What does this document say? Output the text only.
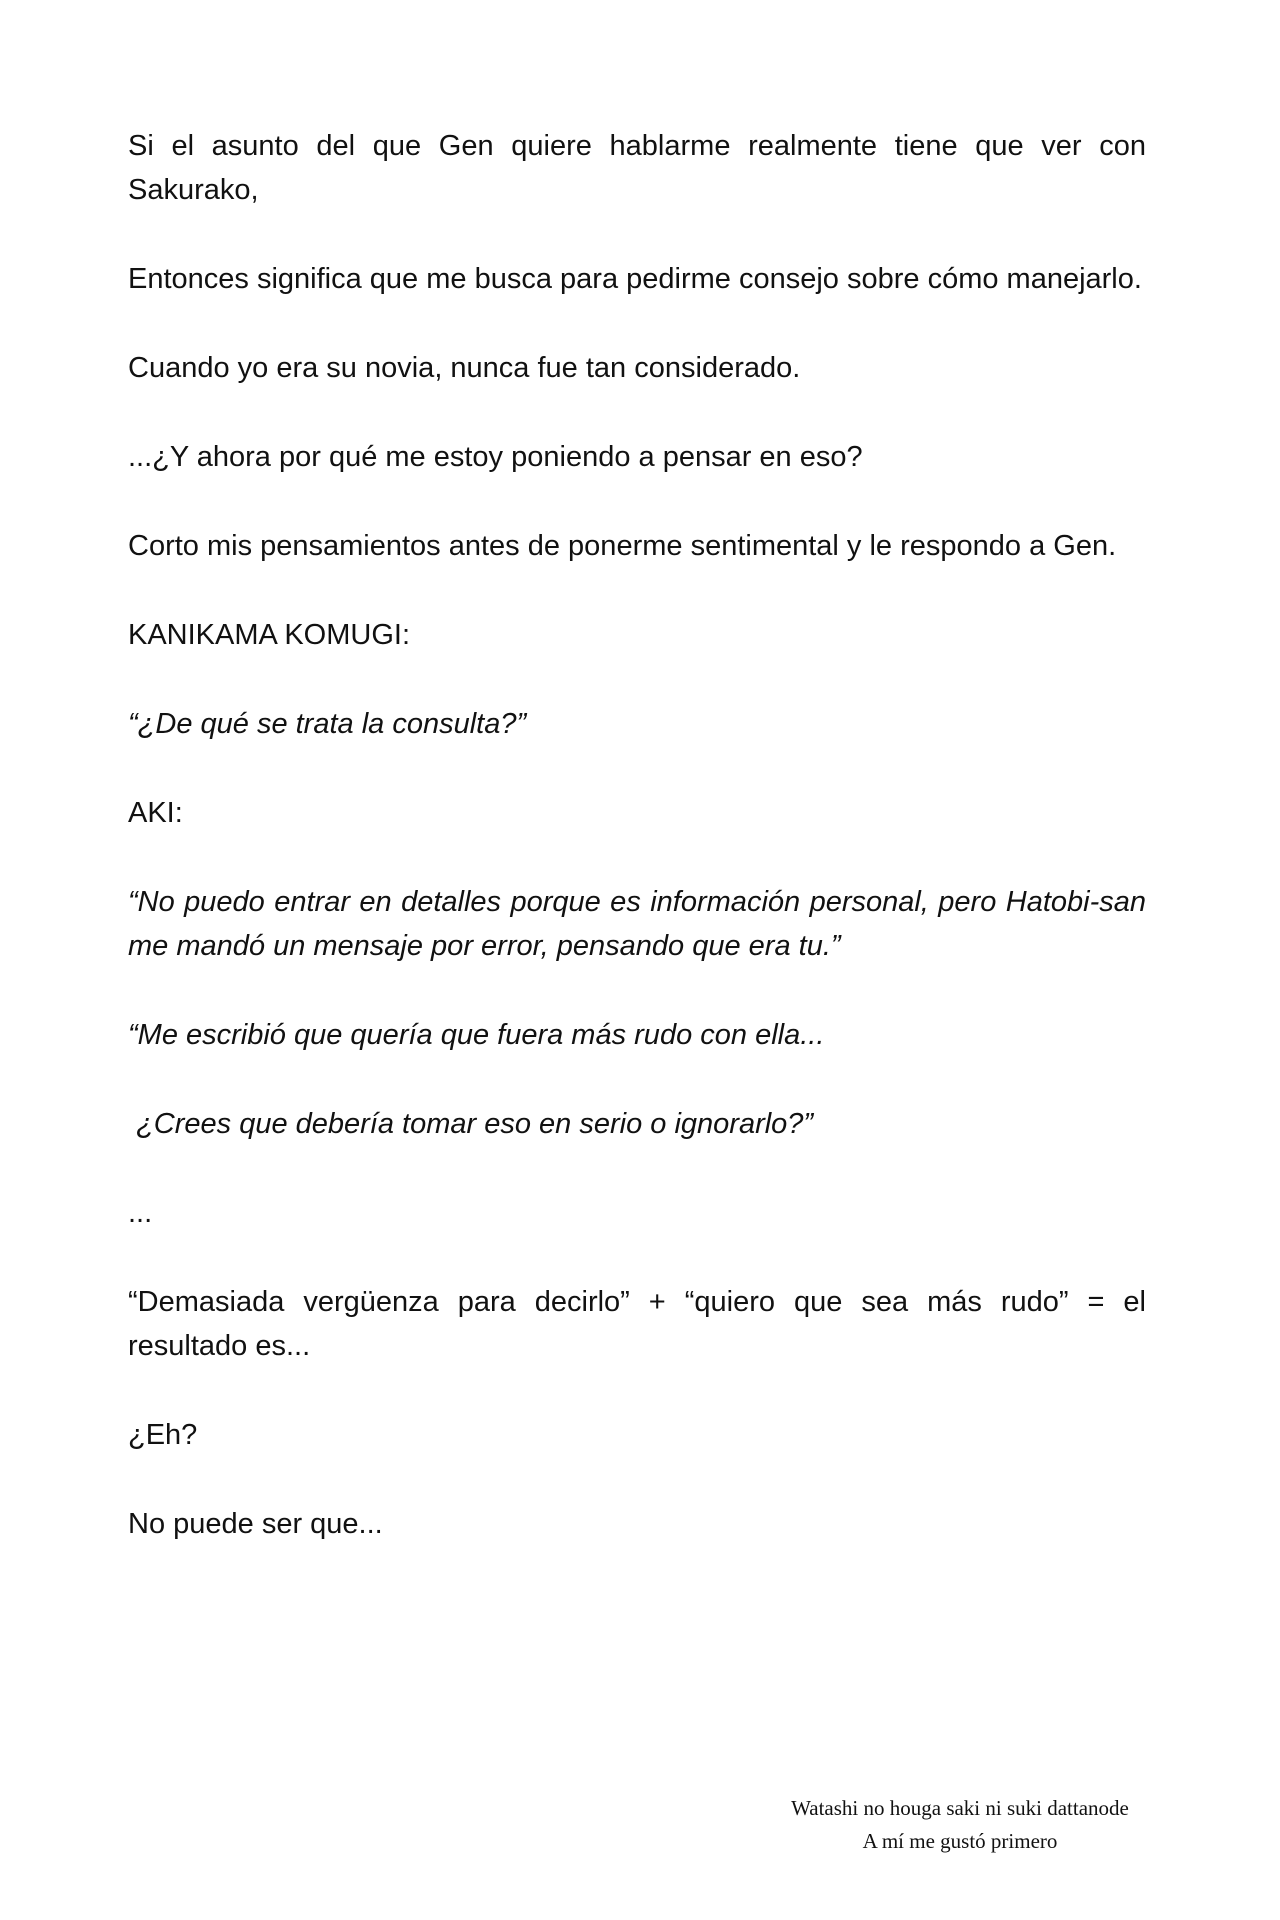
Si el asunto del que Gen quiere hablarme realmente tiene que ver con Sakurako,

Entonces significa que me busca para pedirme consejo sobre cómo manejarlo.

Cuando yo era su novia, nunca fue tan considerado.

...¿Y ahora por qué me estoy poniendo a pensar en eso?

Corto mis pensamientos antes de ponerme sentimental y le respondo a Gen.

KANIKAMA KOMUGI:

“¿De qué se trata la consulta?”

AKI:

“No puedo entrar en detalles porque es información personal, pero Hatobi-san me mandó un mensaje por error, pensando que era tu.”

“Me escribió que quería que fuera más rudo con ella...

¿Crees que debería tomar eso en serio o ignorarlo?”

...

“Demasiada vergüenza para decirlo” + “quiero que sea más rudo” = el resultado es...

¿Eh?

No puede ser que...

Watashi no houga saki ni suki dattanode
A mí me gustó primero
